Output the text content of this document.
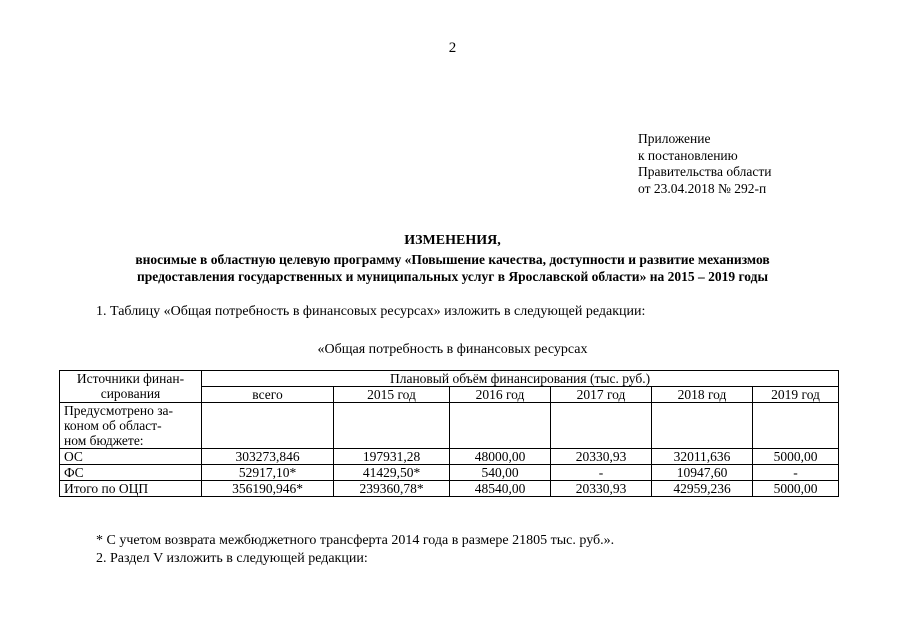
2
Приложение
к постановлению
Правительства области
от 23.04.2018 № 292-п
ИЗМЕНЕНИЯ,
вносимые в областную целевую программу «Повышение качества, доступности и развитие механизмов
предоставления государственных и муниципальных услуг в Ярославской области» на 2015 – 2019 годы
1. Таблицу «Общая потребность в финансовых ресурсах» изложить в следующей редакции:
«Общая потребность в финансовых ресурсах
Источники финан-
сирования	Плановый объём финансирования (тыс. руб.)					
	всего	2015 год	2016 год	2017 год	2018 год	2019 год

Предусмотрено за-
коном об област-
ном бюджете:						

ОС	303273,846	197931,28	48000,00	20330,93	32011,636	5000,00
ФС	52917,10*	41429,50*	540,00	-	10947,60	-
Итого по ОЦП	356190,946*	239360,78*	48540,00	20330,93	42959,236	5000,00
* С учетом возврата межбюджетного трансферта 2014 года в размере 21805 тыс. руб.».
2. Раздел V изложить в следующей редакции:
